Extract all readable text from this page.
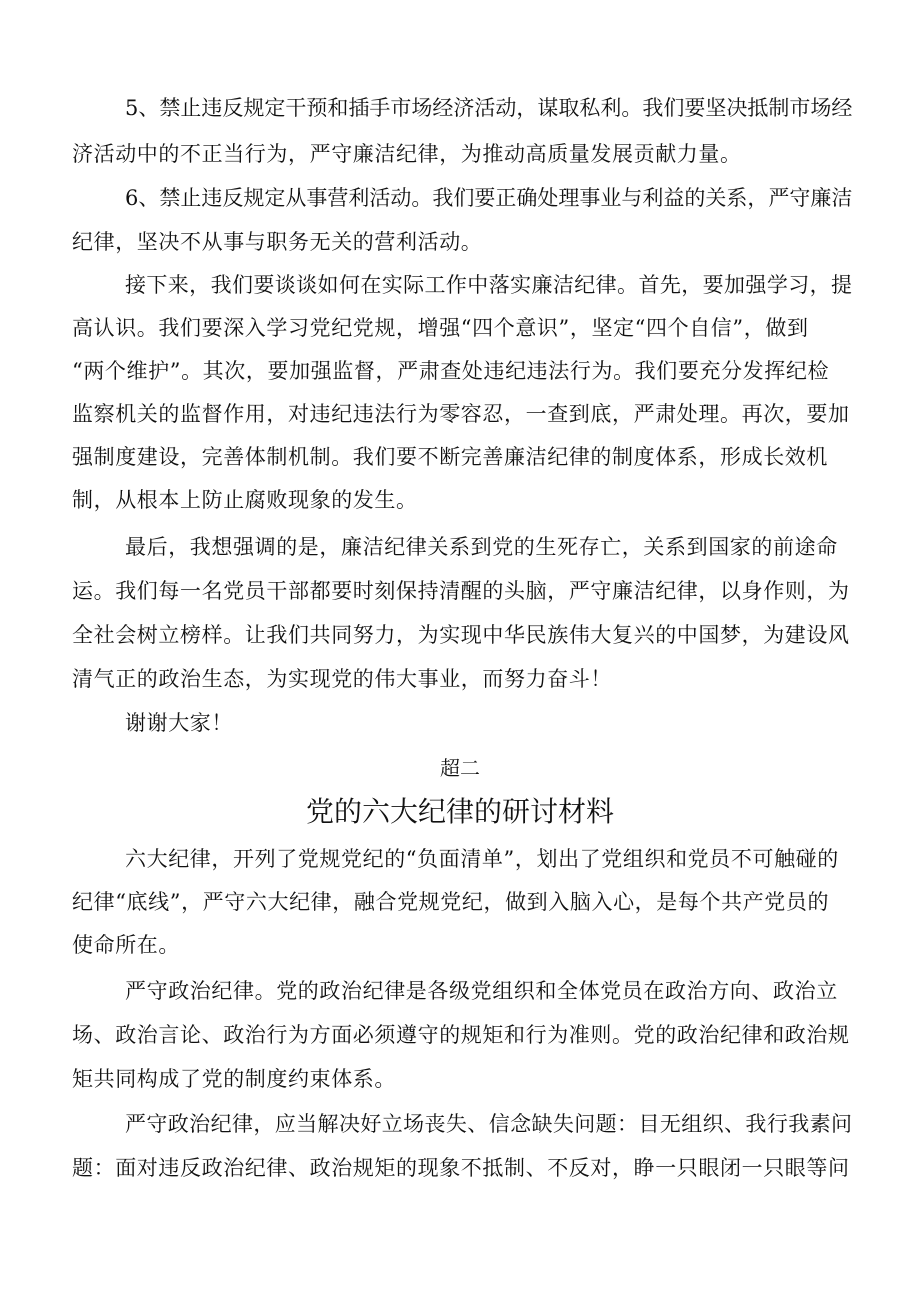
5、禁止违反规定干预和插手市场经济活动，谋取私利。我们要坚决抵制市场经
济活动中的不正当行为，严守廉洁纪律，为推动高质量发展贡献力量。
6、禁止违反规定从事营利活动。我们要正确处理事业与利益的关系，严守廉洁
纪律，坚决不从事与职务无关的营利活动。
接下来，我们要谈谈如何在实际工作中落实廉洁纪律。首先，要加强学习，提
高认识。我们要深入学习党纪党规，增强“四个意识”，坚定“四个自信”，做到
“两个维护”。其次，要加强监督，严肃查处违纪违法行为。我们要充分发挥纪检
监察机关的监督作用，对违纪违法行为零容忍，一查到底，严肃处理。再次，要加
强制度建设，完善体制机制。我们要不断完善廉洁纪律的制度体系，形成长效机
制，从根本上防止腐败现象的发生。
最后，我想强调的是，廉洁纪律关系到党的生死存亡，关系到国家的前途命
运。我们每一名党员干部都要时刻保持清醒的头脑，严守廉洁纪律，以身作则，为
全社会树立榜样。让我们共同努力，为实现中华民族伟大复兴的中国梦，为建设风
清气正的政治生态，为实现党的伟大事业，而努力奋斗！
谢谢大家！
超二
党的六大纪律的研讨材料
六大纪律，开列了党规党纪的“负面清单”，划出了党组织和党员不可触碰的
纪律“底线”，严守六大纪律，融合党规党纪，做到入脑入心，是每个共产党员的
使命所在。
严守政治纪律。党的政治纪律是各级党组织和全体党员在政治方向、政治立
场、政治言论、政治行为方面必须遵守的规矩和行为准则。党的政治纪律和政治规
矩共同构成了党的制度约束体系。
严守政治纪律，应当解决好立场丧失、信念缺失问题：目无组织、我行我素问
题：面对违反政治纪律、政治规矩的现象不抵制、不反对，睁一只眼闭一只眼等问
